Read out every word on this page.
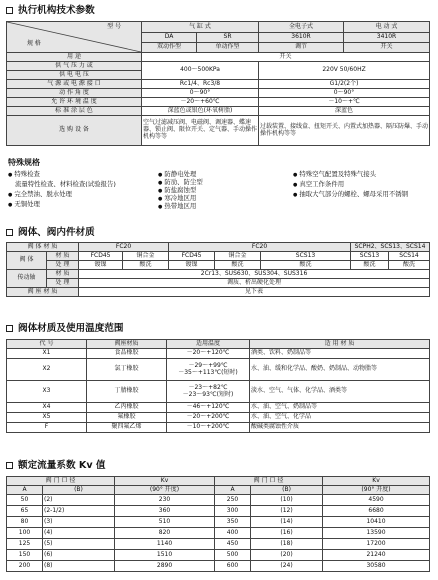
执行机构技术参数
型 号
规 格	气 缸 式		全电子式	电 动 式
	DA	SR	3610R	3410R
	双动作型	单动作型	调节	开关
用 途	开关			
供 气 压 力 或	400～500KPa		220V 50/60HZ	
供 电 电 压				
气 源 或 电 源 接 口	Rc1/4、Rc3/8		G1/2(2个)	
动 作 角 度	0～90°		0～90°	
允 许 环 境 温 度	－20～+60℃		－10～+℃	
标 准 涂 层 色	深蓝色或银色(环氧树脂)		深蓝色	
选 购 设 备	空气过滤减压阀、电磁阀、调速器、蝶速器、锁止阀、限位开关、定气器、手动操作机构等等		过载装置、接线盒、扭矩开关、内置式加热器、隔压防爆、手动操作机构等等	
特殊规格
● 特殊检查
流量特性检查、材料检查(试验报告)
● 完全禁油、脱水处理
● 无铜处理
● 防静电处理
● 防劢、防尘型
● 防盐腐蚀型
● 寒冷地区用
● 热带地区用
● 特殊空气配置及特殊气接头
● 真空工作条件用
● 抽取大气部分的螺栓、螺母采用不锈钢
阀体、阀内件材质
阀 体 材 质		FC20		FC20			SCPH2、SCS13、SCS14	
阀 体	材 质	FCD45	铜合金	FCD45	铜合金	SCS13	SCS13	SCS14
	处 理	镀镍	酸洗	镀镍	酸洗	酸洗	酸洗	酸洗
传动轴	材 质	2Cr13、SUS630、SUS304、SUS316						
	处 理	调质、析出硬化处理						
阀 座 材 质		见下表						
阀体材质及使用温度范围
代 号	阀座材质	适用温度	适 用 材 质
X1	食品橡胶	－20～+120℃	酒类、饮料、奶制品等
X2	氯丁橡胶	－29～+99℃
－35～+113℃(短时)	水、油、缓和化学品、酸奶、奶制品、动物脂等
X3	丁腈橡胶	－23～+82℃
－23～93℃(短时)	淡水、空气、气体、化学品、酒类等
X4	乙丙橡胶	－46～+120℃	水、油、空气、奶制品等
X5	氟橡胶	－20～+200℃	水、油、空气、化学品
F	聚四氟乙烯	－10～+200℃	酸碱类腐蚀性介质
额定流量系数 Kv 值
阀 门 口 径		Kv	阀 门 口 径		Kv
A	(B)	(90° 开度)	A	(B)	(90° 开度)
50	(2)	230	250	(10)	4590
65	(2-1/2)	360	300	(12)	6680
80	(3)	510	350	(14)	10410
100	(4)	820	400	(16)	13590
125	(5)	1140	450	(18)	17200
150	(6)	1510	500	(20)	21240
200	(8)	2890	600	(24)	30580
